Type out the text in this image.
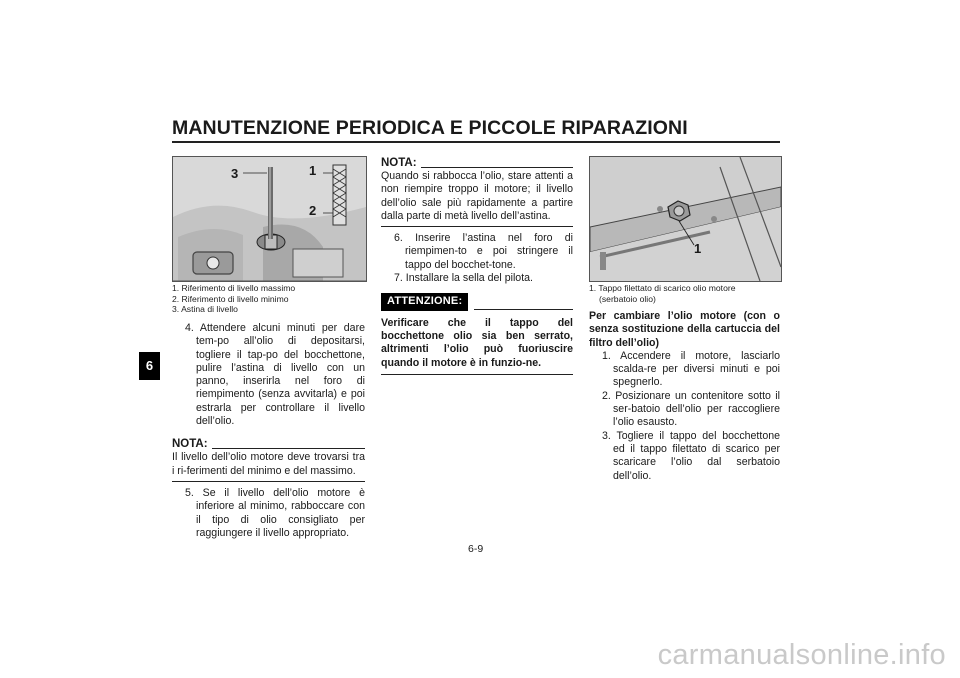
MANUTENZIONE PERIODICA E PICCOLE RIPARAZIONI
6
1
2
3
1. Riferimento di livello massimo
2. Riferimento di livello minimo
3. Astina di livello
4. Attendere alcuni minuti per dare tem-po all’olio di depositarsi, togliere il tap-po del bocchettone, pulire l’astina di livello con un panno, inserirla nel foro di riempimento (senza avvitarla) e poi estrarla per controllare il livello dell’olio.
NOTA:
Il livello dell’olio motore deve trovarsi tra i ri-ferimenti del minimo e del massimo.
5. Se il livello dell’olio motore è inferiore al minimo, rabboccare con il tipo di olio consigliato per raggiungere il livello appropriato.
NOTA:
Quando si rabbocca l’olio, stare attenti a non riempire troppo il motore; il livello dell’olio sale più rapidamente a partire dalla parte di metà livello dell’astina.
6. Inserire l’astina nel foro di riempimen-to e poi stringere il tappo del bocchet-tone.
7. Installare la sella del pilota.
ATTENZIONE:
Verificare che il tappo del bocchettone olio sia ben serrato, altrimenti l’olio può fuoriuscire quando il motore è in funzio-ne.
1
1. Tappo filettato di scarico olio motore
(serbatoio olio)
Per cambiare l’olio motore (con o senza sostituzione della cartuccia del filtro dell’olio)
1. Accendere il motore, lasciarlo scalda-re per diversi minuti e poi spegnerlo.
2. Posizionare un contenitore sotto il ser-batoio dell’olio per raccogliere l’olio esausto.
3. Togliere il tappo del bocchettone ed il tappo filettato di scarico per scaricare l’olio dal serbatoio dell’olio.
6-9
carmanualsonline.info
